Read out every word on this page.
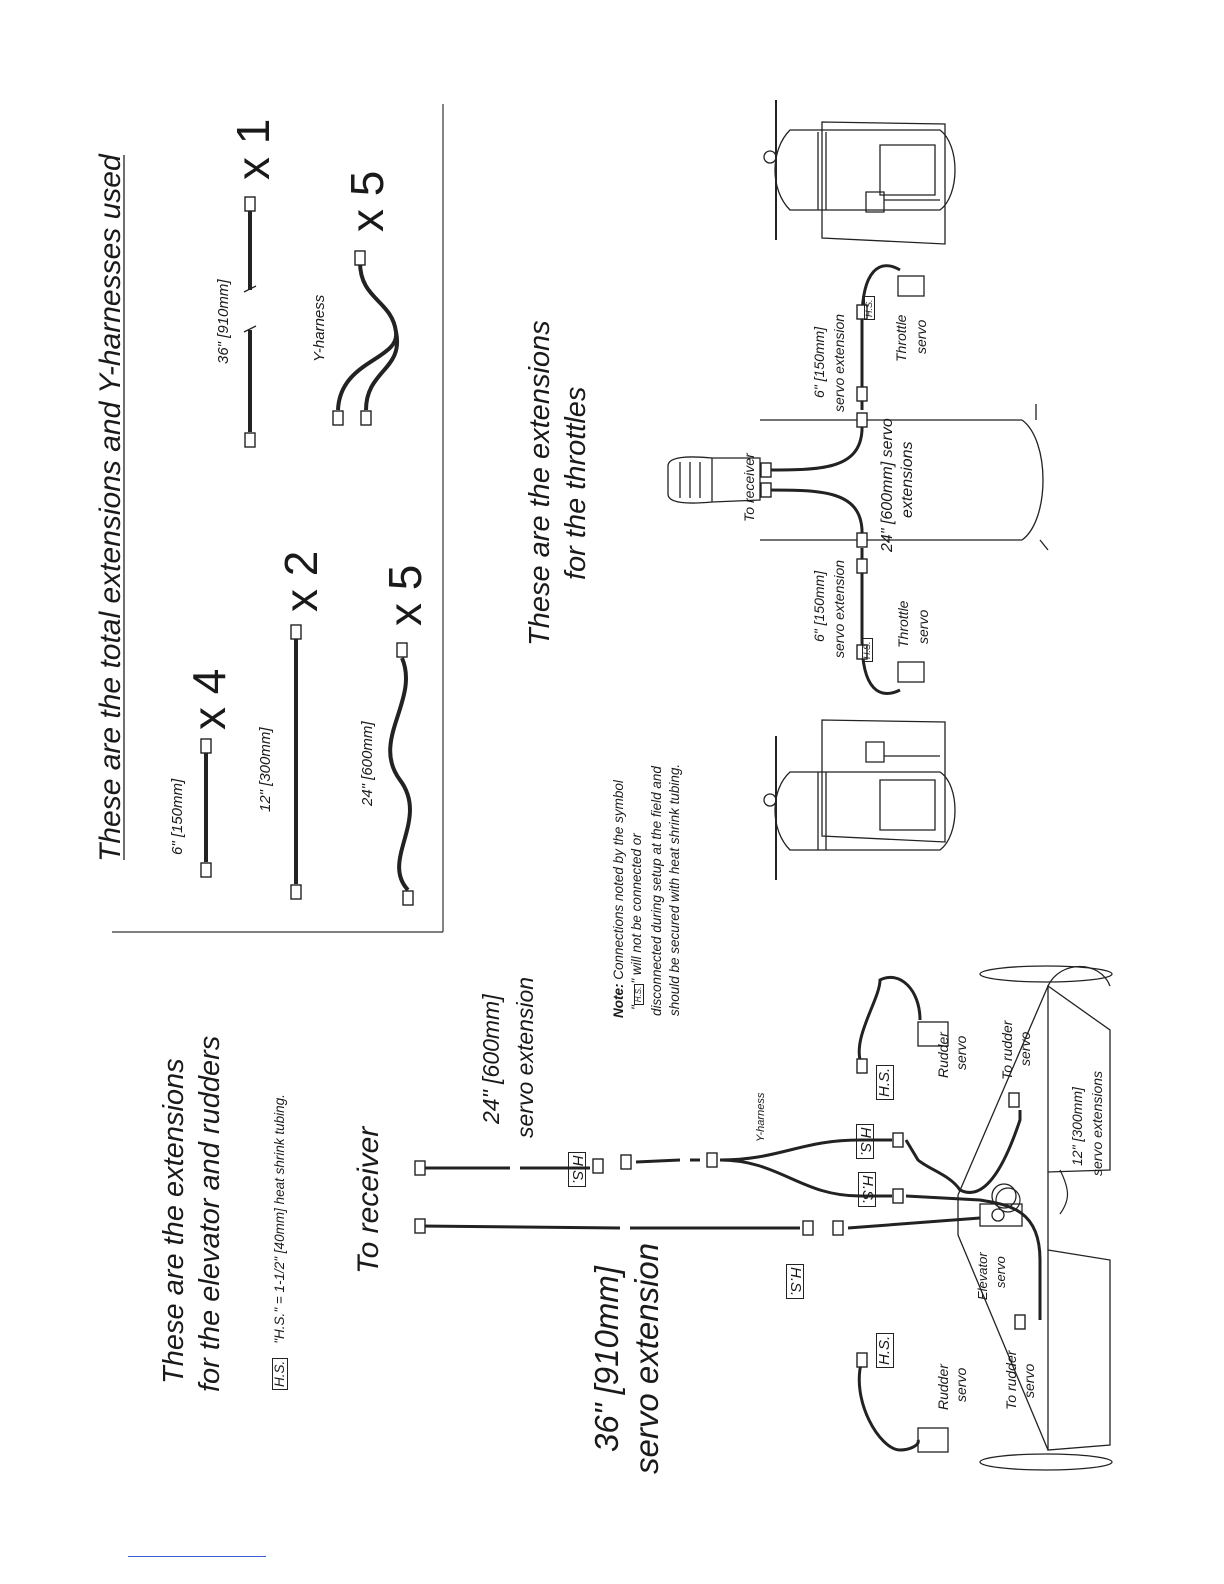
These are the total extensions and Y-harnesses used	6" [150mm]
x 4
12" [300mm]
x 2
24" [600mm]
x 5
36" [910mm]
x 1
Y-harness
x 5
These are the extensions for the throttles	To receiver	24" [600mm] servo extensions
6" [150mm] servo extension H.S.
Throttle servo
6" [150mm] servo extension
H.S.
Throttle servo
Note: Connections noted by the symbol
"H.S." will not be connected or disconnected during setup at the field and should be secured with heat shrink tubing.
These are the extensions for the elevator and rudders	H.S."H.S." = 1-1/2" [40mm] heat shrink tubing. To receiver
24" [600mm] servo extension
36" [910mm] servo extension
Y-harness
H.S.
H.S.
H.S.
H.S.
H.S.
H.S.
Rudder servo To rudder servo
Rudder servo To rudder servo
Elevator servo
12" [300mm] servo extensions
